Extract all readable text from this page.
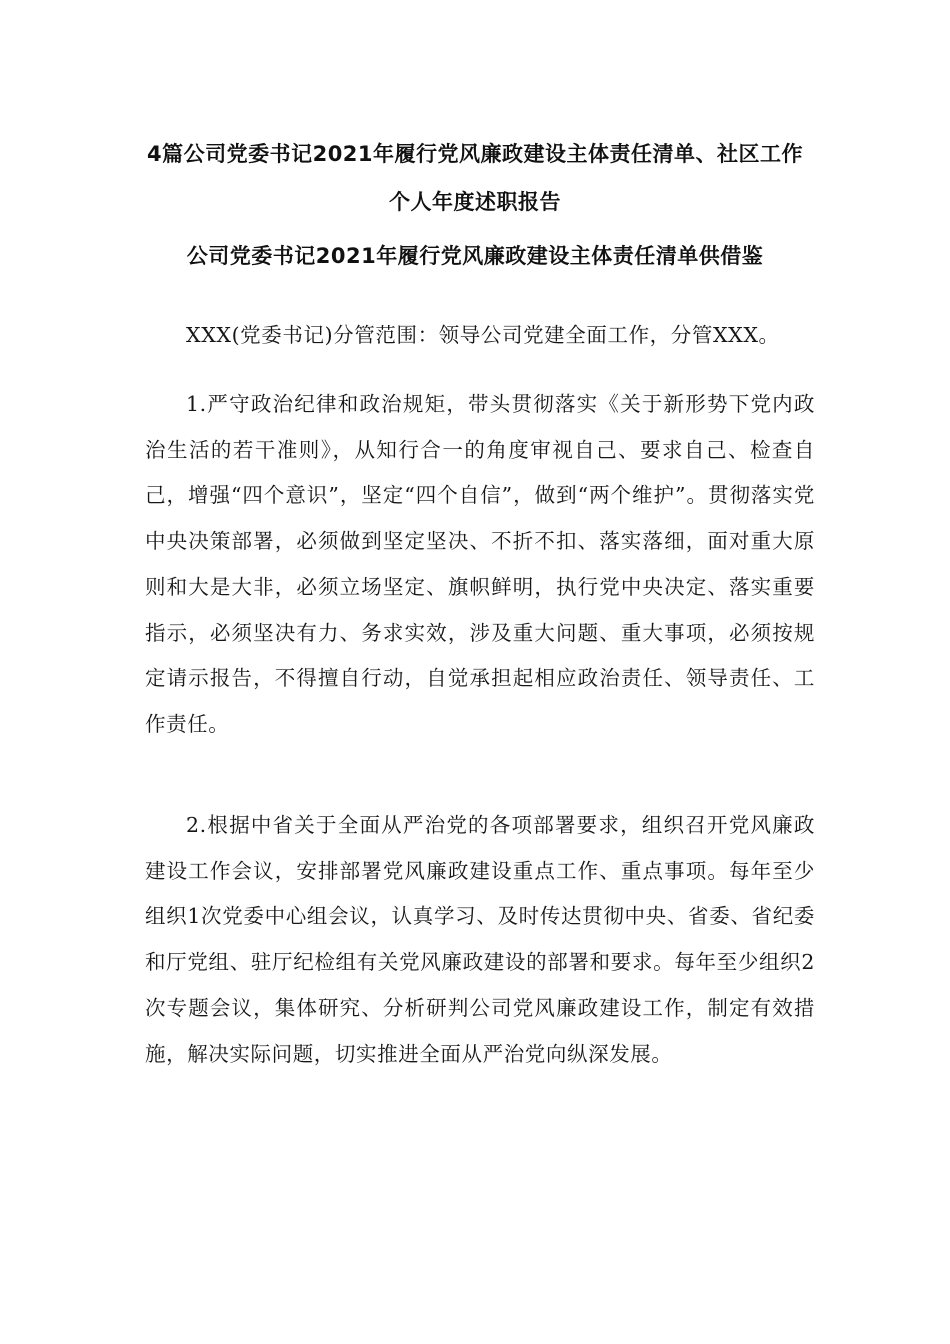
4篇公司党委书记2021年履行党风廉政建设主体责任清单、社区工作个人年度述职报告
公司党委书记2021年履行党风廉政建设主体责任清单供借鉴
XXX(党委书记)分管范围：领导公司党建全面工作，分管XXX。
1.严守政治纪律和政治规矩，带头贯彻落实《关于新形势下党内政治生活的若干准则》，从知行合一的角度审视自己、要求自己、检查自己，增强“四个意识”，坚定“四个自信”，做到“两个维护”。贯彻落实党中央决策部署，必须做到坚定坚决、不折不扣、落实落细，面对重大原则和大是大非，必须立场坚定、旗帜鲜明，执行党中央决定、落实重要指示，必须坚决有力、务求实效，涉及重大问题、重大事项，必须按规定请示报告，不得擅自行动，自觉承担起相应政治责任、领导责任、工作责任。
2.根据中省关于全面从严治党的各项部署要求，组织召开党风廉政建设工作会议，安排部署党风廉政建设重点工作、重点事项。每年至少组织1次党委中心组会议，认真学习、及时传达贯彻中央、省委、省纪委和厅党组、驻厅纪检组有关党风廉政建设的部署和要求。每年至少组织2次专题会议，集体研究、分析研判公司党风廉政建设工作，制定有效措施，解决实际问题，切实推进全面从严治党向纵深发展。
